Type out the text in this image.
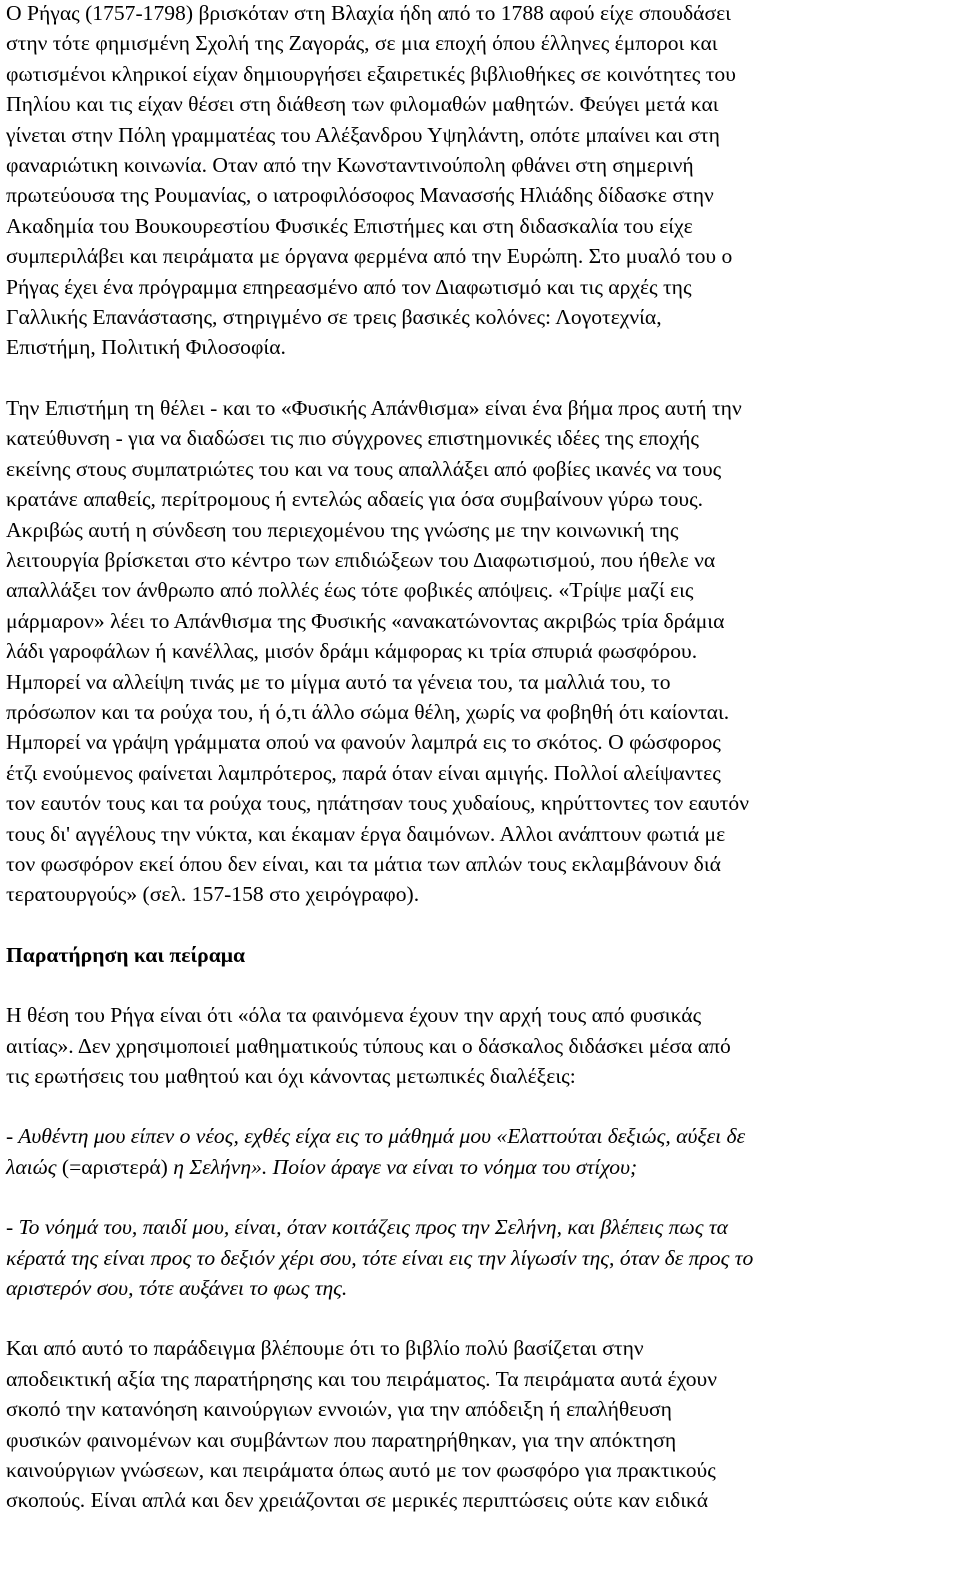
Ο Ρήγας (1757-1798) βρισκόταν στη Βλαχία ήδη από το 1788 αφού είχε σπουδάσει
στην τότε φημισμένη Σχολή της Ζαγοράς, σε μια εποχή όπου έλληνες έμποροι και
φωτισμένοι κληρικοί είχαν δημιουργήσει εξαιρετικές βιβλιοθήκες σε κοινότητες του
Πηλίου και τις είχαν θέσει στη διάθεση των φιλομαθών μαθητών. Φεύγει μετά και
γίνεται στην Πόλη γραμματέας του Αλέξανδρου Υψηλάντη, οπότε μπαίνει και στη
φαναριώτικη κοινωνία. Οταν από την Κωνσταντινούπολη φθάνει στη σημερινή
πρωτεύουσα της Ρουμανίας, ο ιατροφιλόσοφος Μανασσής Ηλιάδης δίδασκε στην
Ακαδημία του Βουκουρεστίου Φυσικές Επιστήμες και στη διδασκαλία του είχε
συμπεριλάβει και πειράματα με όργανα φερμένα από την Ευρώπη. Στο μυαλό του ο
Ρήγας έχει ένα πρόγραμμα επηρεασμένο από τον Διαφωτισμό και τις αρχές της
Γαλλικής Επανάστασης, στηριγμένο σε τρεις βασικές κολόνες: Λογοτεχνία,
Επιστήμη, Πολιτική Φιλοσοφία.

Την Επιστήμη τη θέλει - και το «Φυσικής Απάνθισμα» είναι ένα βήμα προς αυτή την
κατεύθυνση - για να διαδώσει τις πιο σύγχρονες επιστημονικές ιδέες της εποχής
εκείνης στους συμπατριώτες του και να τους απαλλάξει από φοβίες ικανές να τους
κρατάνε απαθείς, περίτρομους ή εντελώς αδαείς για όσα συμβαίνουν γύρω τους.
Ακριβώς αυτή η σύνδεση του περιεχομένου της γνώσης με την κοινωνική της
λειτουργία βρίσκεται στο κέντρο των επιδιώξεων του Διαφωτισμού, που ήθελε να
απαλλάξει τον άνθρωπο από πολλές έως τότε φοβικές απόψεις. «Τρίψε μαζί εις
μάρμαρον» λέει το Απάνθισμα της Φυσικής «ανακατώνοντας ακριβώς τρία δράμια
λάδι γαροφάλων ή κανέλλας, μισόν δράμι κάμφορας κι τρία σπυριά φωσφόρου.
Ημπορεί να αλλείψη τινάς με το μίγμα αυτό τα γένεια του, τα μαλλιά του, το
πρόσωπον και τα ρούχα του, ή ό,τι άλλο σώμα θέλη, χωρίς να φοβηθή ότι καίονται.
Ημπορεί να γράψη γράμματα οπού να φανούν λαμπρά εις το σκότος. Ο φώσφορος
έτζι ενούμενος φαίνεται λαμπρότερος, παρά όταν είναι αμιγής. Πολλοί αλείψαντες
τον εαυτόν τους και τα ρούχα τους, ηπάτησαν τους χυδαίους, κηρύττοντες τον εαυτόν
τους δι' αγγέλους την νύκτα, και έκαμαν έργα δαιμόνων. Αλλοι ανάπτουν φωτιά με
τον φωσφόρον εκεί όπου δεν είναι, και τα μάτια των απλών τους εκλαμβάνουν διά
τερατουργούς» (σελ. 157-158 στο χειρόγραφο).

Παρατήρηση και πείραμα

Η θέση του Ρήγα είναι ότι «όλα τα φαινόμενα έχουν την αρχή τους από φυσικάς
αιτίας». Δεν χρησιμοποιεί μαθηματικούς τύπους και ο δάσκαλος διδάσκει μέσα από
τις ερωτήσεις του μαθητού και όχι κάνοντας μετωπικές διαλέξεις:

- Αυθέντη μου είπεν ο νέος, εχθές είχα εις το μάθημά μου «Ελαττούται δεξιώς, αύξει δε
λαιώς (=αριστερά) η Σελήνη». Ποίον άραγε να είναι το νόημα του στίχου;

- Το νόημά του, παιδί μου, είναι, όταν κοιτάζεις προς την Σελήνη, και βλέπεις πως τα
κέρατά της είναι προς το δεξιόν χέρι σου, τότε είναι εις την λίγωσίν της, όταν δε προς το
αριστερόν σου, τότε αυξάνει το φως της.

Και από αυτό το παράδειγμα βλέπουμε ότι το βιβλίο πολύ βασίζεται στην
αποδεικτική αξία της παρατήρησης και του πειράματος. Τα πειράματα αυτά έχουν
σκοπό την κατανόηση καινούργιων εννοιών, για την απόδειξη ή επαλήθευση
φυσικών φαινομένων και συμβάντων που παρατηρήθηκαν, για την απόκτηση
καινούργιων γνώσεων, και πειράματα όπως αυτό με τον φωσφόρο για πρακτικούς
σκοπούς. Είναι απλά και δεν χρειάζονται σε μερικές περιπτώσεις ούτε καν ειδικά
